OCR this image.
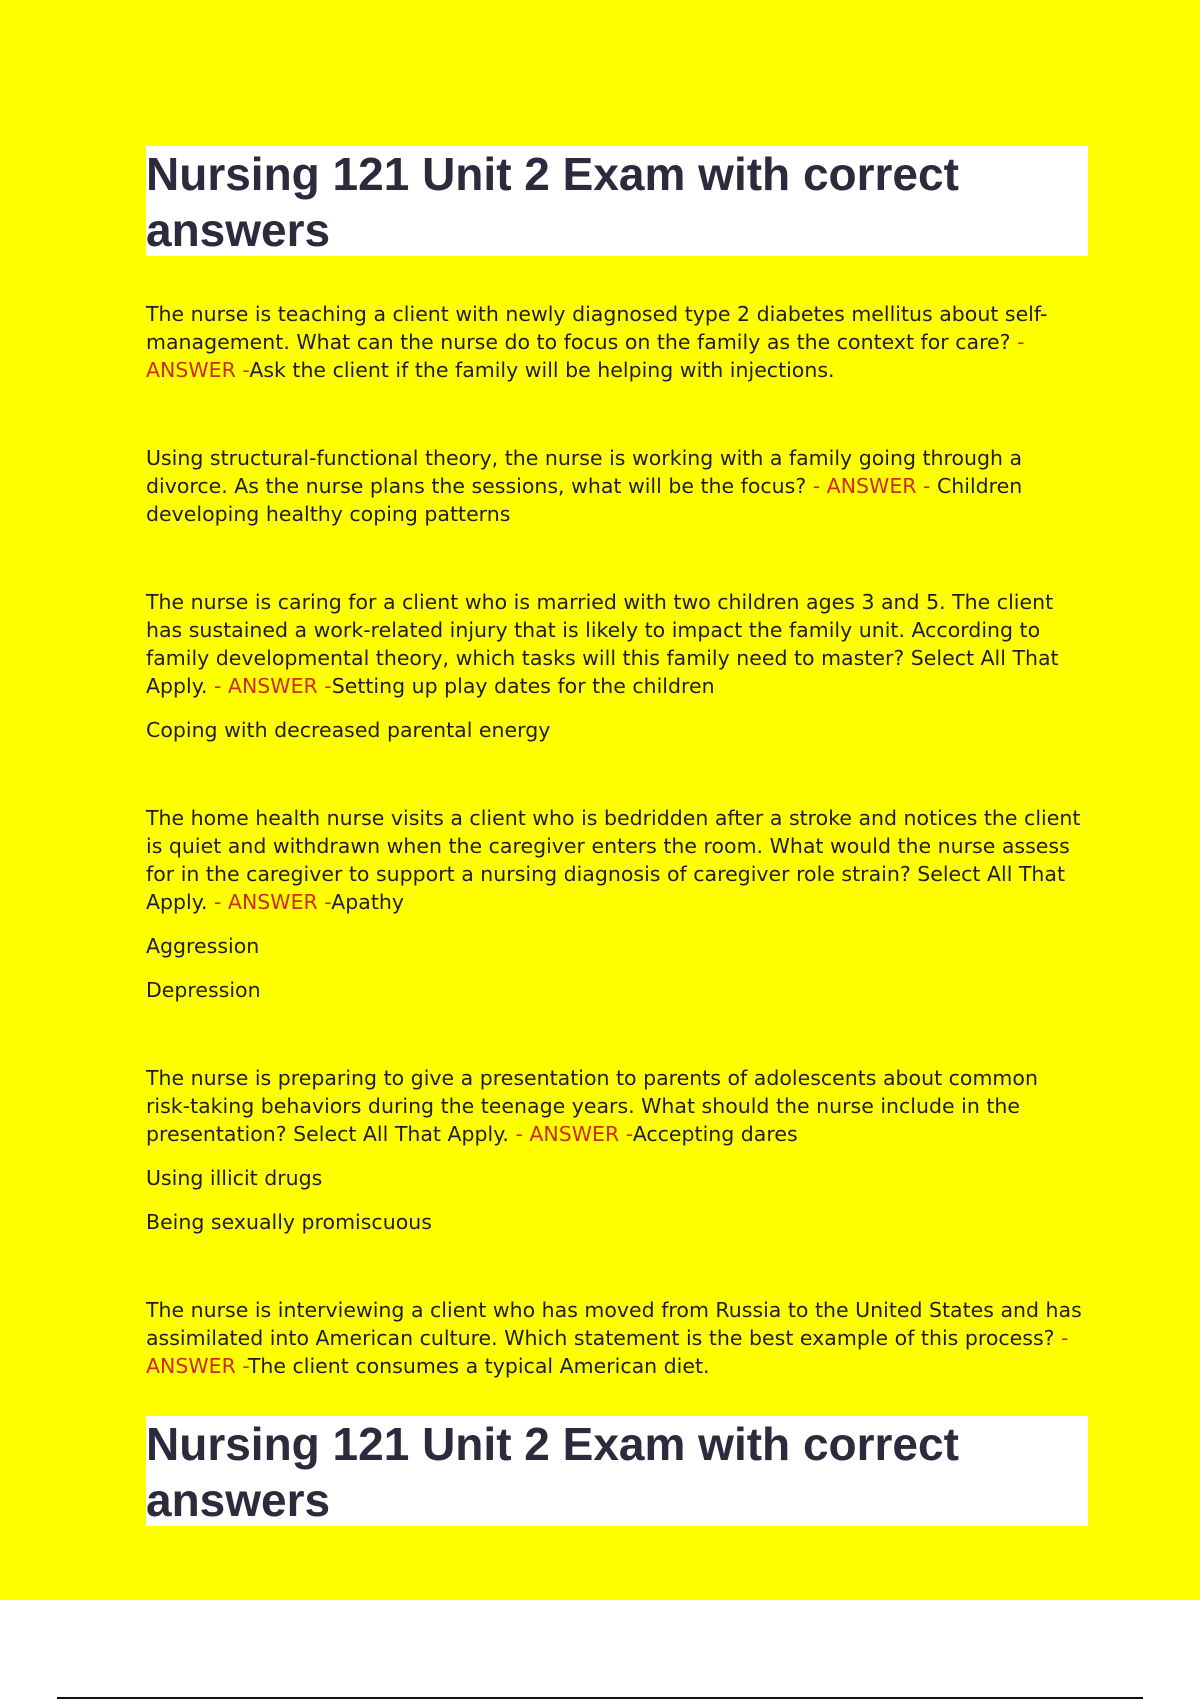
Nursing 121 Unit 2 Exam with correct answers

The nurse is teaching a client with newly diagnosed type 2 diabetes mellitus about self-management. What can the nurse do to focus on the family as the context for care? - ANSWER -Ask the client if the family will be helping with injections.

Using structural-functional theory, the nurse is working with a family going through a divorce. As the nurse plans the sessions, what will be the focus? - ANSWER - Children developing healthy coping patterns

The nurse is caring for a client who is married with two children ages 3 and 5. The client has sustained a work-related injury that is likely to impact the family unit. According to family developmental theory, which tasks will this family need to master? Select All That Apply. - ANSWER -Setting up play dates for the children

Coping with decreased parental energy

The home health nurse visits a client who is bedridden after a stroke and notices the client is quiet and withdrawn when the caregiver enters the room. What would the nurse assess for in the caregiver to support a nursing diagnosis of caregiver role strain? Select All That Apply. - ANSWER -Apathy

Aggression

Depression

The nurse is preparing to give a presentation to parents of adolescents about common risk-taking behaviors during the teenage years. What should the nurse include in the presentation? Select All That Apply. - ANSWER -Accepting dares

Using illicit drugs

Being sexually promiscuous

The nurse is interviewing a client who has moved from Russia to the United States and has assimilated into American culture. Which statement is the best example of this process? - ANSWER -The client consumes a typical American diet.

Nursing 121 Unit 2 Exam with correct answers
